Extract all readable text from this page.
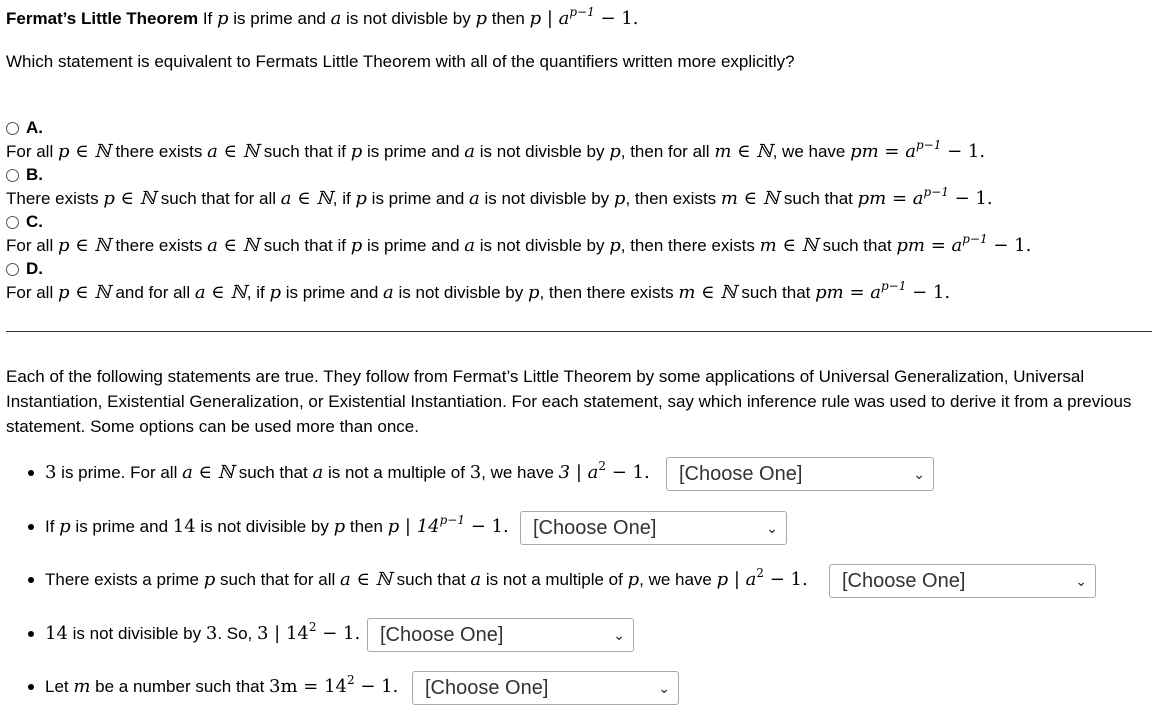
Fermat’s Little Theorem If p is prime and a is not divisble by p then p | $a^{p-1} - 1$.
Which statement is equivalent to Fermats Little Theorem with all of the quantifiers written more explicitly?
A.
For all p ∈ ℕ there exists a ∈ ℕ such that if p is prime and a is not divisble by p, then for all m ∈ ℕ, we have pm = $a^{p-1} - 1$.
B.
There exists p ∈ ℕ such that for all a ∈ ℕ, if p is prime and a is not divisble by p, then exists m ∈ ℕ such that pm = $a^{p-1} - 1$.
C.
For all p ∈ ℕ there exists a ∈ ℕ such that if p is prime and a is not divisble by p, then there exists m ∈ ℕ such that pm = $a^{p-1} - 1$.
D.
For all p ∈ ℕ and for all a ∈ ℕ, if p is prime and a is not divisble by p, then there exists m ∈ ℕ such that pm = $a^{p-1} - 1$.
Each of the following statements are true. They follow from Fermat’s Little Theorem by some applications of Universal Generalization, Universal Instantiation, Existential Generalization, or Existential Instantiation. For each statement, say which inference rule was used to derive it from a previous statement. Some options can be used more than once.
3 is prime. For all a ∈ ℕ such that a is not a multiple of 3, we have 3 | $a^2 - 1$.	[Choose One]	⌄
If p is prime and 14 is not divisible by p then p | $14^{p-1} - 1$.	[Choose One]	⌄
There exists a prime p such that for all a ∈ ℕ such that a is not a multiple of p, we have p | $a^2 - 1$.	[Choose One]	⌄
14 is not divisible by 3. So, 3 | $14^2 - 1$. [Choose One]	⌄
Let m be a number such that $3m = 14^2 - 1$.	[Choose One]	⌄
